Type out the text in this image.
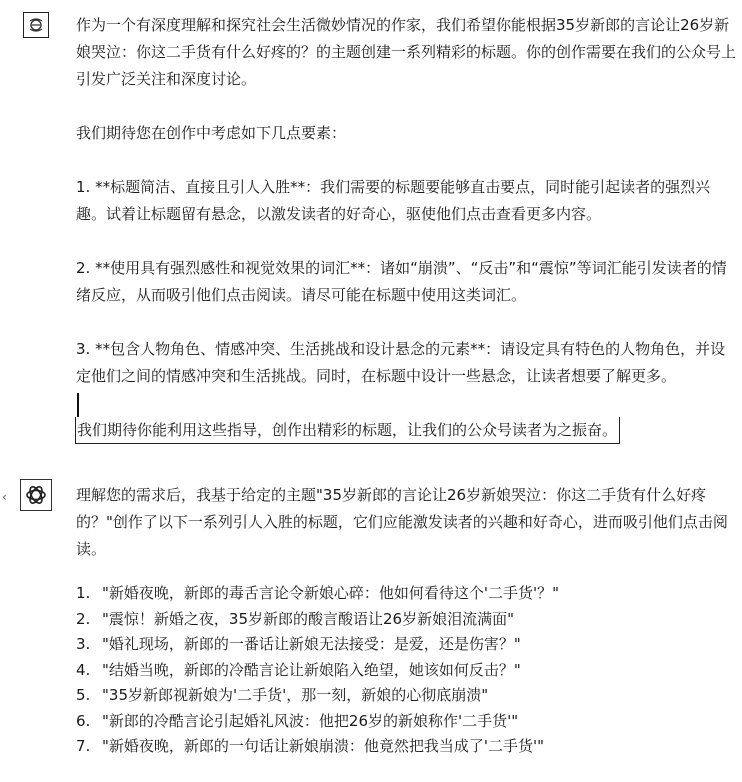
作为一个有深度理解和探究社会生活微妙情况的作家，我们希望你能根据35岁新郎的言论让26岁新娘哭泣：你这二手货有什么好疼的？的主题创建一系列精彩的标题。你的创作需要在我们的公众号上引发广泛关注和深度讨论。

我们期待您在创作中考虑如下几点要素：

1. **标题简洁、直接且引人入胜**：我们需要的标题要能够直击要点，同时能引起读者的强烈兴趣。试着让标题留有悬念，以激发读者的好奇心，驱使他们点击查看更多内容。

2. **使用具有强烈感性和视觉效果的词汇**：诸如“崩溃”、“反击”和“震惊”等词汇能引发读者的情绪反应，从而吸引他们点击阅读。请尽可能在标题中使用这类词汇。

3. **包含人物角色、情感冲突、生活挑战和设计悬念的元素**：请设定具有特色的人物角色，并设定他们之间的情感冲突和生活挑战。同时，在标题中设计一些悬念，让读者想要了解更多。

我们期待你能利用这些指导，创作出精彩的标题，让我们的公众号读者为之振奋。
‹	理解您的需求后，我基于给定的主题"35岁新郎的言论让26岁新娘哭泣：你这二手货有什么好疼的？"创作了以下一系列引人入胜的标题，它们应能激发读者的兴趣和好奇心，进而吸引他们点击阅读。

1. "新婚夜晚，新郎的毒舌言论令新娘心碎：他如何看待这个'二手货'？"
2. "震惊！新婚之夜，35岁新郎的酸言酸语让26岁新娘泪流满面"
3. "婚礼现场，新郎的一番话让新娘无法接受：是爱，还是伤害？"
4. "结婚当晚，新郎的冷酷言论让新娘陷入绝望，她该如何反击？"
5. "35岁新郎视新娘为'二手货'，那一刻，新娘的心彻底崩溃"
6. "新郎的冷酷言论引起婚礼风波：他把26岁的新娘称作'二手货'"
7. "新婚夜晚，新郎的一句话让新娘崩溃：他竟然把我当成了'二手货'"
